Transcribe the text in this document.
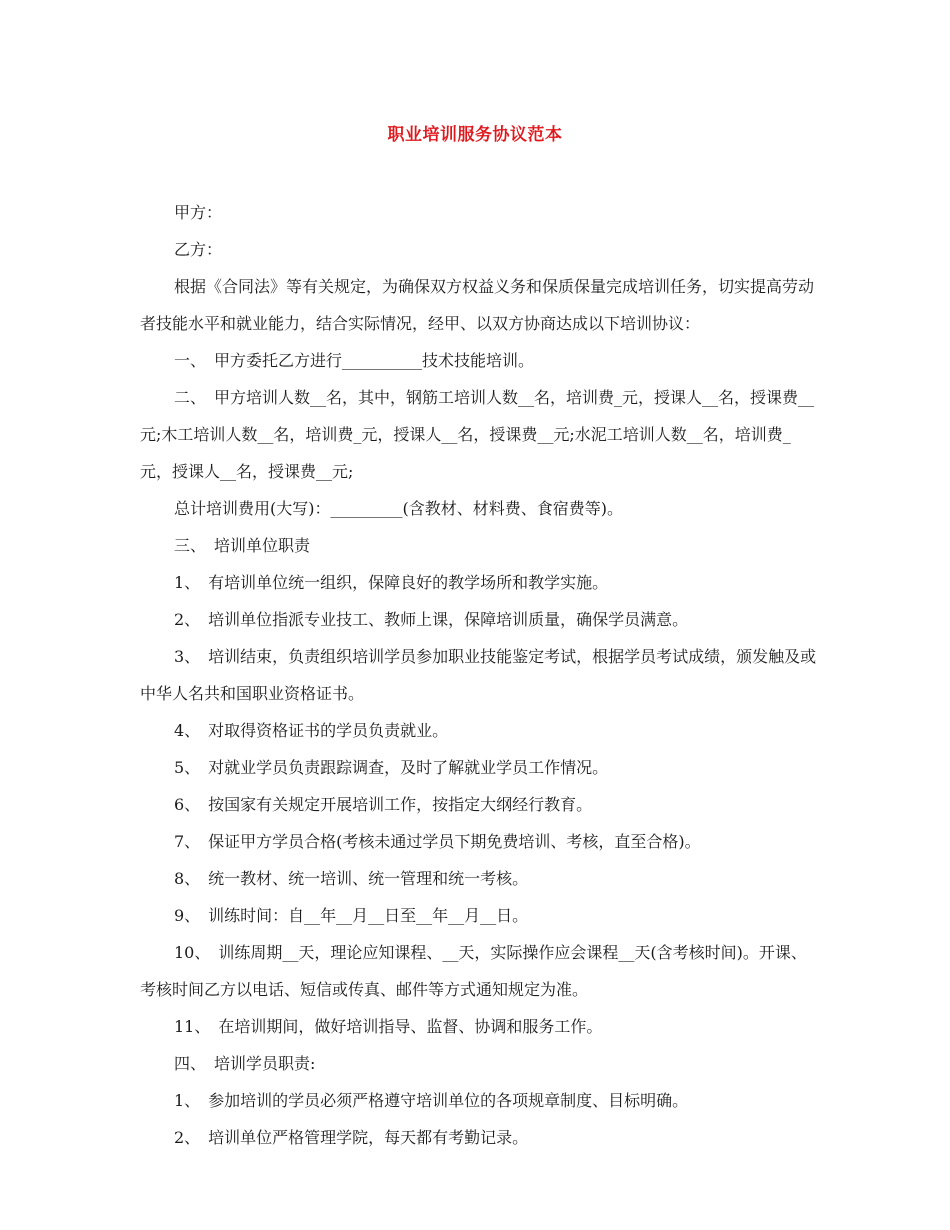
职业培训服务协议范本

甲方：

乙方：

根据《合同法》等有关规定，为确保双方权益义务和保质保量完成培训任务，切实提高劳动者技能水平和就业能力，结合实际情况，经甲、以双方协商达成以下培训协议：

一、　甲方委托乙方进行__________技术技能培训。

二、　甲方培训人数__名，其中，钢筋工培训人数__名，培训费_元，授课人__名，授课费__元;木工培训人数__名，培训费_元，授课人__名，授课费__元;水泥工培训人数__名，培训费_元，授课人__名，授课费__元;

总计培训费用(大写)：_________(含教材、材料费、食宿费等)。

三、　培训单位职责

1、　有培训单位统一组织，保障良好的教学场所和教学实施。

2、　培训单位指派专业技工、教师上课，保障培训质量，确保学员满意。

3、　培训结束，负责组织培训学员参加职业技能鉴定考试，根据学员考试成绩，颁发触及或中华人名共和国职业资格证书。

4、　对取得资格证书的学员负责就业。

5、　对就业学员负责跟踪调查，及时了解就业学员工作情况。

6、　按国家有关规定开展培训工作，按指定大纲经行教育。

7、　保证甲方学员合格(考核未通过学员下期免费培训、考核，直至合格)。

8、　统一教材、统一培训、统一管理和统一考核。

9、　训练时间：自__年__月__日至__年__月__日。

10、　训练周期__天，理论应知课程、__天，实际操作应会课程__天(含考核时间)。开课、考核时间乙方以电话、短信或传真、邮件等方式通知规定为准。

11、　在培训期间，做好培训指导、监督、协调和服务工作。

四、　培训学员职责:

1、　参加培训的学员必须严格遵守培训单位的各项规章制度、目标明确。

2、　培训单位严格管理学院，每天都有考勤记录。
